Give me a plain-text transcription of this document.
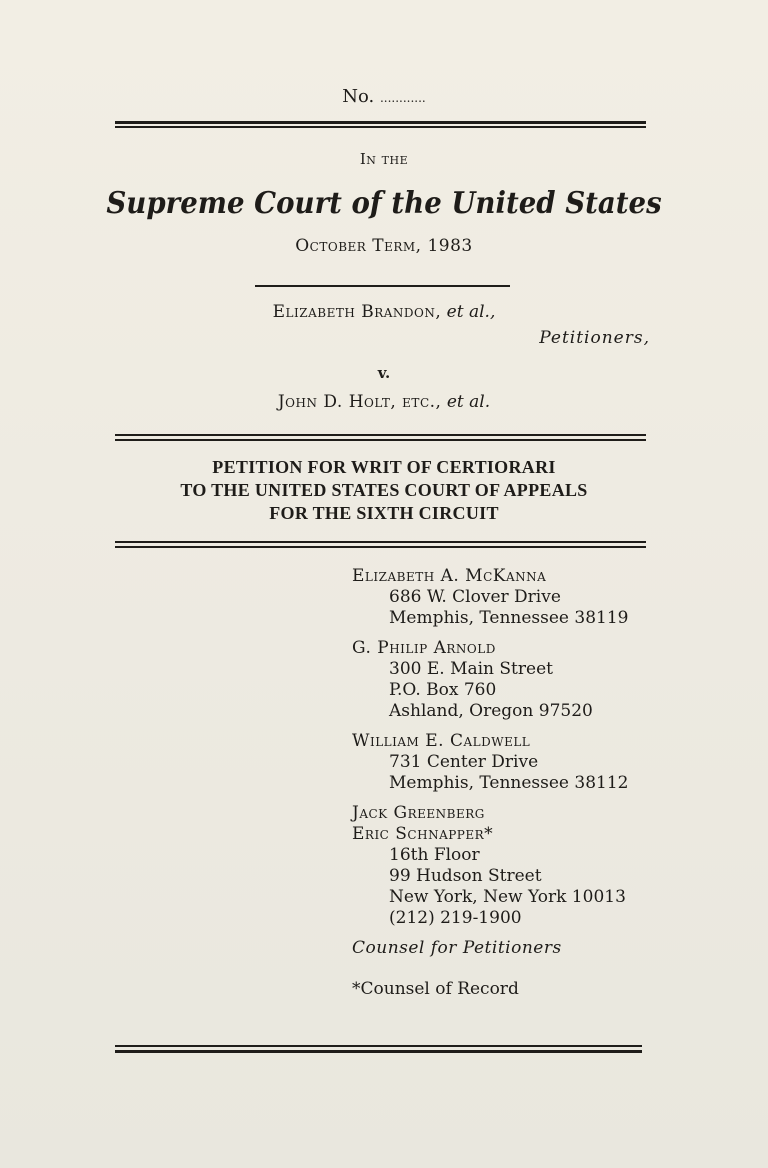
No. ............
In the
Supreme Court of the United States
October Term, 1983
Elizabeth Brandon, et al.,
Petitioners,
v.
John D. Holt, etc., et al.
PETITION FOR WRIT OF CERTIORARI
TO THE UNITED STATES COURT OF APPEALS
FOR THE SIXTH CIRCUIT
Elizabeth A. McKanna
686 W. Clover Drive
Memphis, Tennessee 38119
G. Philip Arnold
300 E. Main Street
P.O. Box 760
Ashland, Oregon 97520
William E. Caldwell
731 Center Drive
Memphis, Tennessee 38112
Jack Greenberg
Eric Schnapper*
16th Floor
99 Hudson Street
New York, New York 10013
(212) 219-1900
Counsel for Petitioners
*Counsel of Record
